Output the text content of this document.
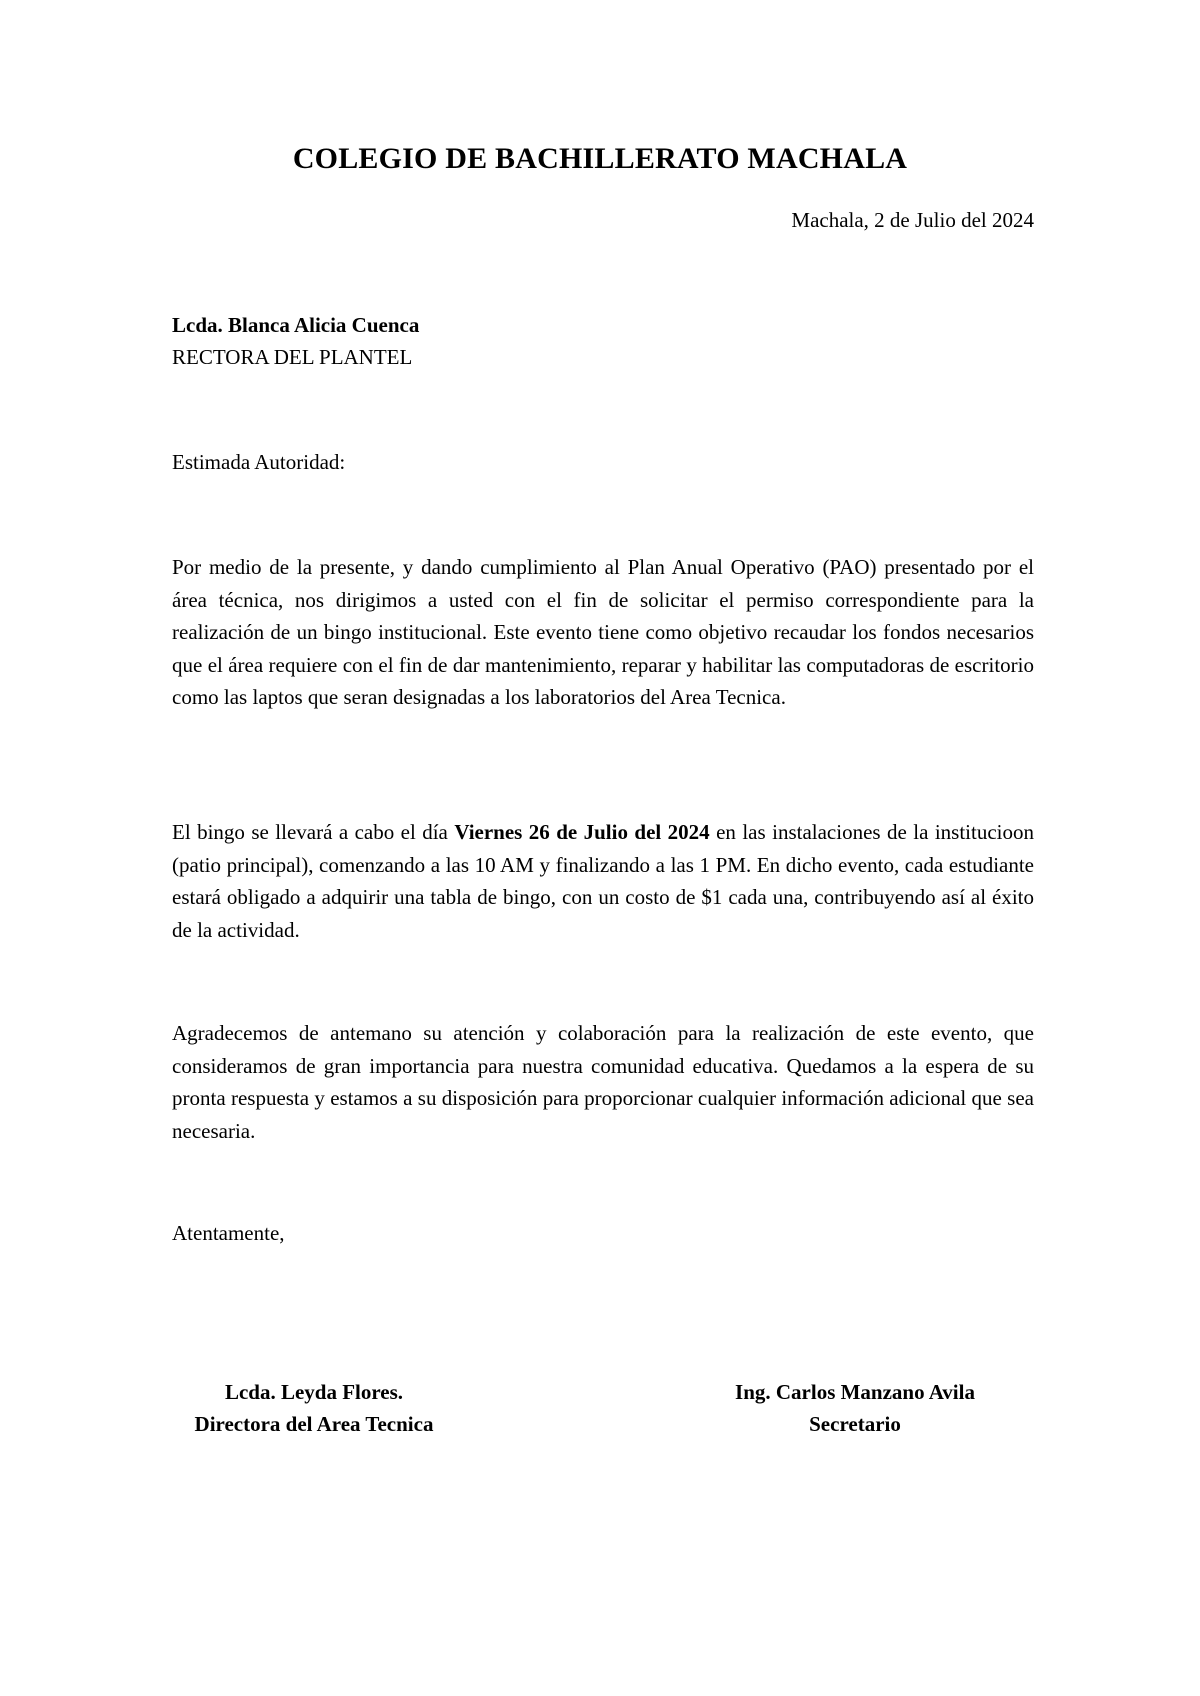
COLEGIO DE BACHILLERATO MACHALA
Machala, 2 de Julio del 2024
Lcda. Blanca Alicia Cuenca
RECTORA DEL PLANTEL
Estimada Autoridad:

Por medio de la presente, y dando cumplimiento al Plan Anual Operativo (PAO) presentado por el área técnica, nos dirigimos a usted con el fin de solicitar el permiso correspondiente para la realización de un bingo institucional. Este evento tiene como objetivo recaudar los fondos necesarios que el área requiere con el fin de dar mantenimiento, reparar y habilitar las computadoras de escritorio como las laptos que seran designadas a los laboratorios del Area Tecnica.

El bingo se llevará a cabo el día Viernes 26 de Julio del 2024 en las instalaciones de la institucioon (patio principal), comenzando a las 10 AM y finalizando a las 1 PM. En dicho evento, cada estudiante estará obligado a adquirir una tabla de bingo, con un costo de $1 cada una, contribuyendo así al éxito de la actividad.

Agradecemos de antemano su atención y colaboración para la realización de este evento, que consideramos de gran importancia para nuestra comunidad educativa. Quedamos a la espera de su pronta respuesta y estamos a su disposición para proporcionar cualquier información adicional que sea necesaria.

Atentamente,
Lcda. Leyda Flores.
Directora del Area Tecnica
Ing. Carlos Manzano Avila
Secretario
